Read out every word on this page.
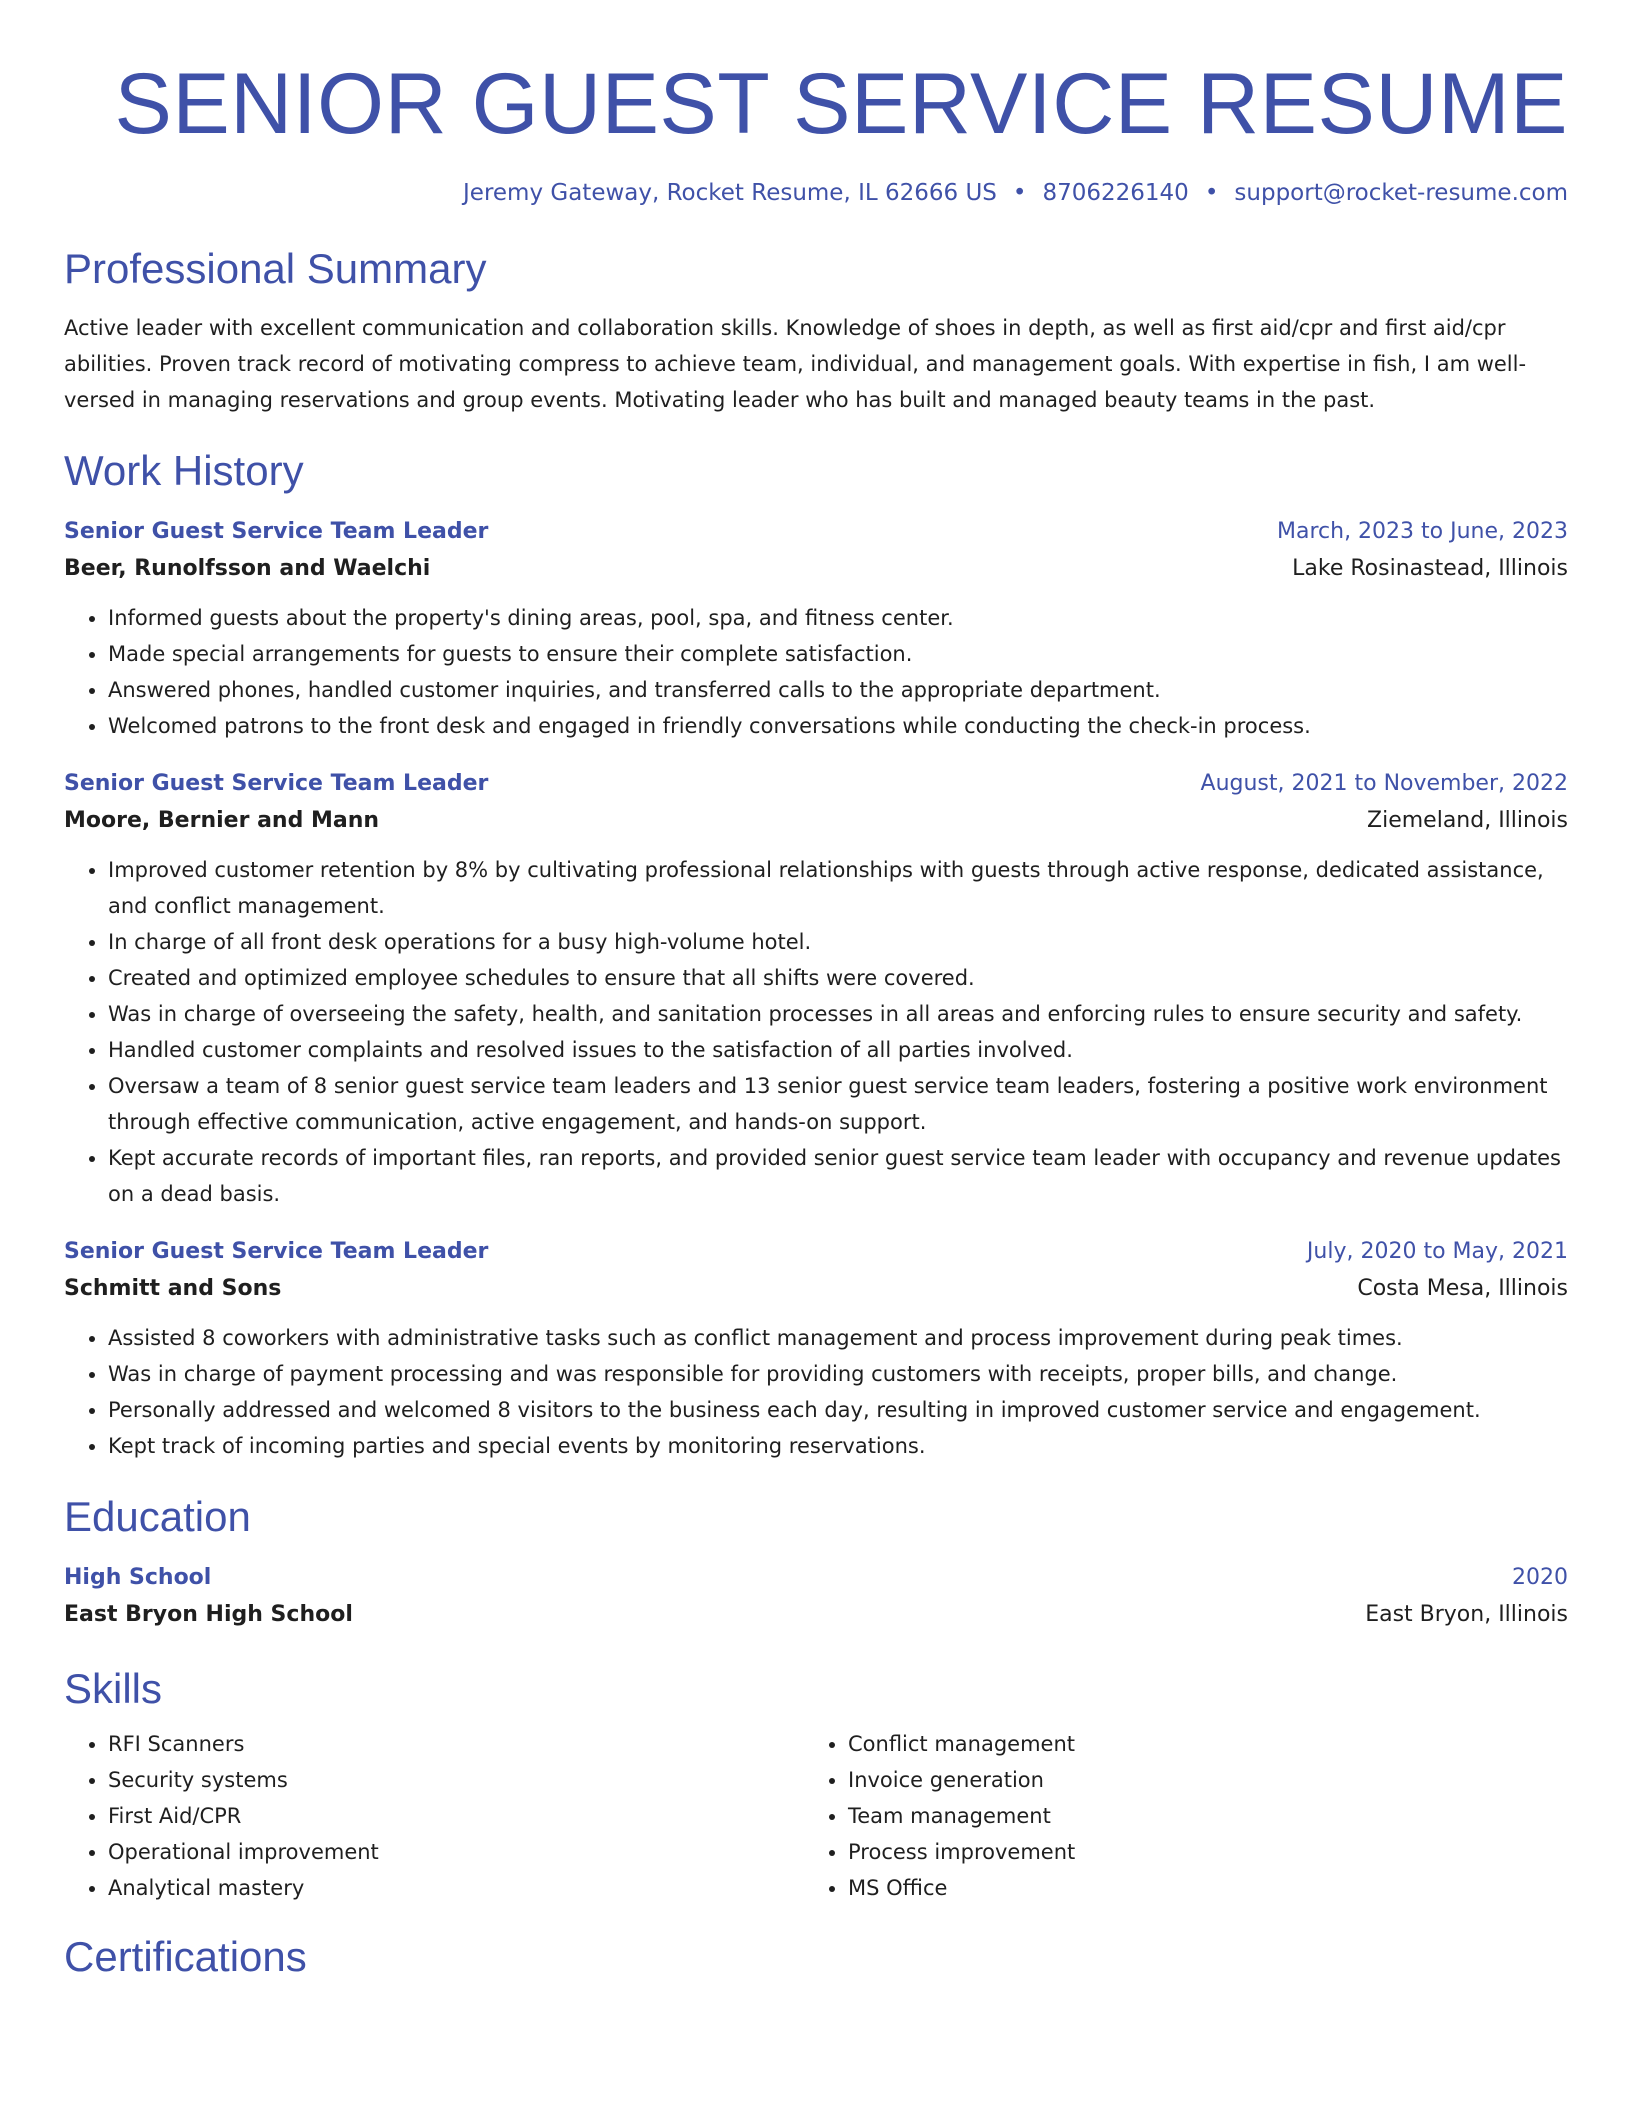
SENIOR GUEST SERVICE RESUME
Jeremy Gateway, Rocket Resume, IL 62666 US • 8706226140 • support@rocket-resume.com
Professional Summary

Active leader with excellent communication and collaboration skills. Knowledge of shoes in depth, as well as first aid/cpr and first aid/cpr abilities. Proven track record of motivating compress to achieve team, individual, and management goals. With expertise in fish, I am well-versed in managing reservations and group events. Motivating leader who has built and managed beauty teams in the past.

Work History
Senior Guest Service Team Leader	March, 2023 to June, 2023
Beer, Runolfsson and Waelchi	Lake Rosinastead, Illinois
• Informed guests about the property's dining areas, pool, spa, and fitness center.
• Made special arrangements for guests to ensure their complete satisfaction.
• Answered phones, handled customer inquiries, and transferred calls to the appropriate department.
• Welcomed patrons to the front desk and engaged in friendly conversations while conducting the check-in process.
Senior Guest Service Team Leader	August, 2021 to November, 2022
Moore, Bernier and Mann	Ziemeland, Illinois
• Improved customer retention by 8% by cultivating professional relationships with guests through active response, dedicated assistance, and conflict management.
• In charge of all front desk operations for a busy high-volume hotel.
• Created and optimized employee schedules to ensure that all shifts were covered.
• Was in charge of overseeing the safety, health, and sanitation processes in all areas and enforcing rules to ensure security and safety.
• Handled customer complaints and resolved issues to the satisfaction of all parties involved.
• Oversaw a team of 8 senior guest service team leaders and 13 senior guest service team leaders, fostering a positive work environment through effective communication, active engagement, and hands-on support.
• Kept accurate records of important files, ran reports, and provided senior guest service team leader with occupancy and revenue updates on a dead basis.
Senior Guest Service Team Leader	July, 2020 to May, 2021
Schmitt and Sons	Costa Mesa, Illinois
• Assisted 8 coworkers with administrative tasks such as conflict management and process improvement during peak times.
• Was in charge of payment processing and was responsible for providing customers with receipts, proper bills, and change.
• Personally addressed and welcomed 8 visitors to the business each day, resulting in improved customer service and engagement.
• Kept track of incoming parties and special events by monitoring reservations.
Education
High School	2020
East Bryon High School	East Bryon, Illinois
Skills
• RFI Scanners
• Security systems
• First Aid/CPR
• Operational improvement
• Analytical mastery
• Conflict management
• Invoice generation
• Team management
• Process improvement
• MS Office
Certifications
